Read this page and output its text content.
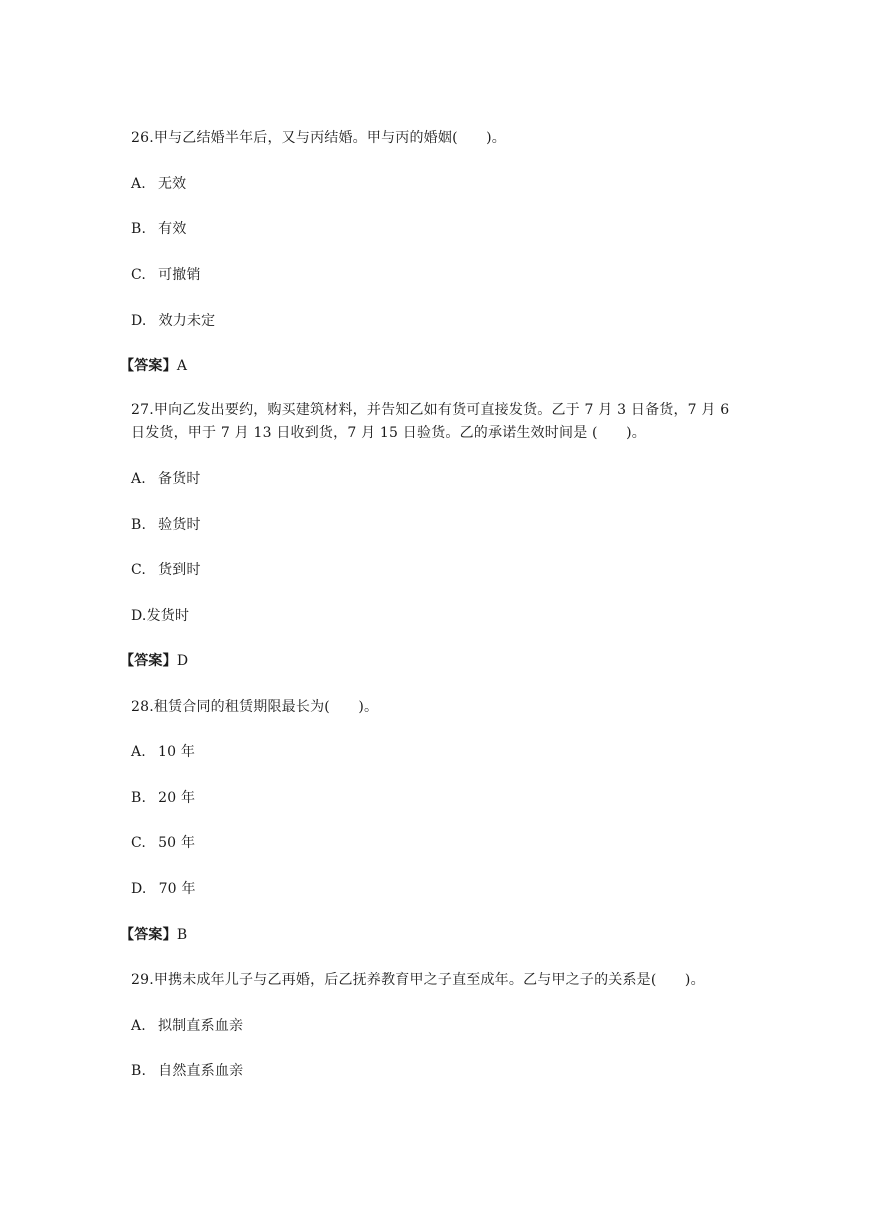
26.甲与乙结婚半年后，又与丙结婚。甲与丙的婚姻(　　)。
A. 无效
B. 有效
C. 可撤销
D. 效力未定
【答案】A
27.甲向乙发出要约，购买建筑材料，并告知乙如有货可直接发货。乙于 7 月 3 日备货，7 月 6 日发货，甲于 7 月 13 日收到货，7 月 15 日验货。乙的承诺生效时间是 (　　)。
A. 备货时
B. 验货时
C. 货到时
D.发货时
【答案】D
28.租赁合同的租赁期限最长为(　　)。
A. 10 年
B. 20 年
C. 50 年
D. 70 年
【答案】B
29.甲携未成年儿子与乙再婚，后乙抚养教育甲之子直至成年。乙与甲之子的关系是(　　)。
A. 拟制直系血亲
B. 自然直系血亲
